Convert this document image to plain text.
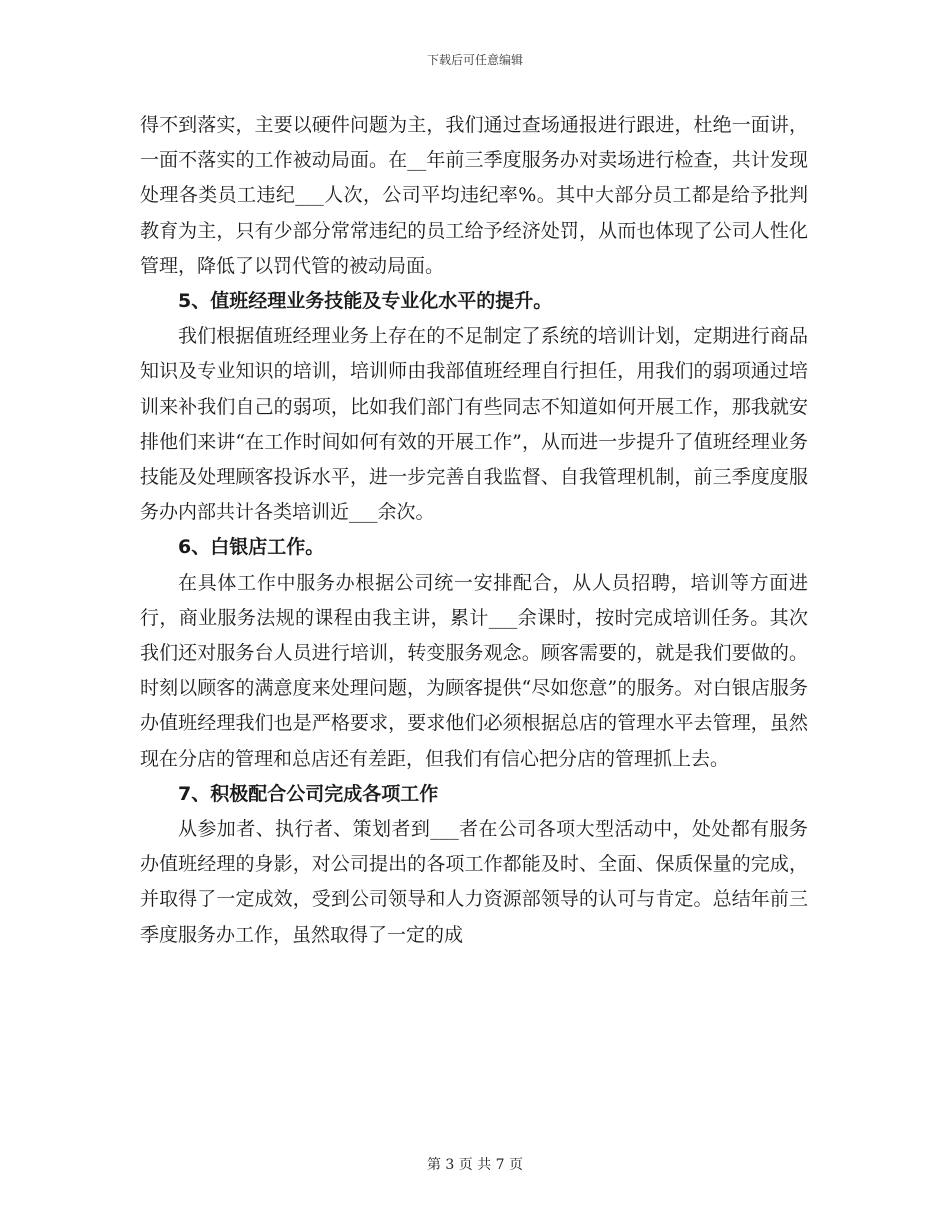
下载后可任意编辑

得不到落实，主要以硬件问题为主，我们通过查场通报进行跟进，杜绝一面讲，一面不落实的工作被动局面。在__年前三季度服务办对卖场进行检查，共计发现处理各类员工违纪___人次，公司平均违纪率%。其中大部分员工都是给予批判教育为主，只有少部分常常违纪的员工给予经济处罚，从而也体现了公司人性化管理，降低了以罚代管的被动局面。

5、值班经理业务技能及专业化水平的提升。

我们根据值班经理业务上存在的不足制定了系统的培训计划，定期进行商品知识及专业知识的培训，培训师由我部值班经理自行担任，用我们的弱项通过培训来补我们自己的弱项，比如我们部门有些同志不知道如何开展工作，那我就安排他们来讲“在工作时间如何有效的开展工作”，从而进一步提升了值班经理业务技能及处理顾客投诉水平，进一步完善自我监督、自我管理机制，前三季度度服务办内部共计各类培训近___余次。

6、白银店工作。

在具体工作中服务办根据公司统一安排配合，从人员招聘，培训等方面进行，商业服务法规的课程由我主讲，累计___余课时，按时完成培训任务。其次我们还对服务台人员进行培训，转变服务观念。顾客需要的，就是我们要做的。时刻以顾客的满意度来处理问题，为顾客提供“尽如您意”的服务。对白银店服务办值班经理我们也是严格要求，要求他们必须根据总店的管理水平去管理，虽然现在分店的管理和总店还有差距，但我们有信心把分店的管理抓上去。

7、积极配合公司完成各项工作

从参加者、执行者、策划者到___者在公司各项大型活动中，处处都有服务办值班经理的身影，对公司提出的各项工作都能及时、全面、保质保量的完成，并取得了一定成效，受到公司领导和人力资源部领导的认可与肯定。总结年前三季度服务办工作，虽然取得了一定的成

第 3 页 共 7 页
